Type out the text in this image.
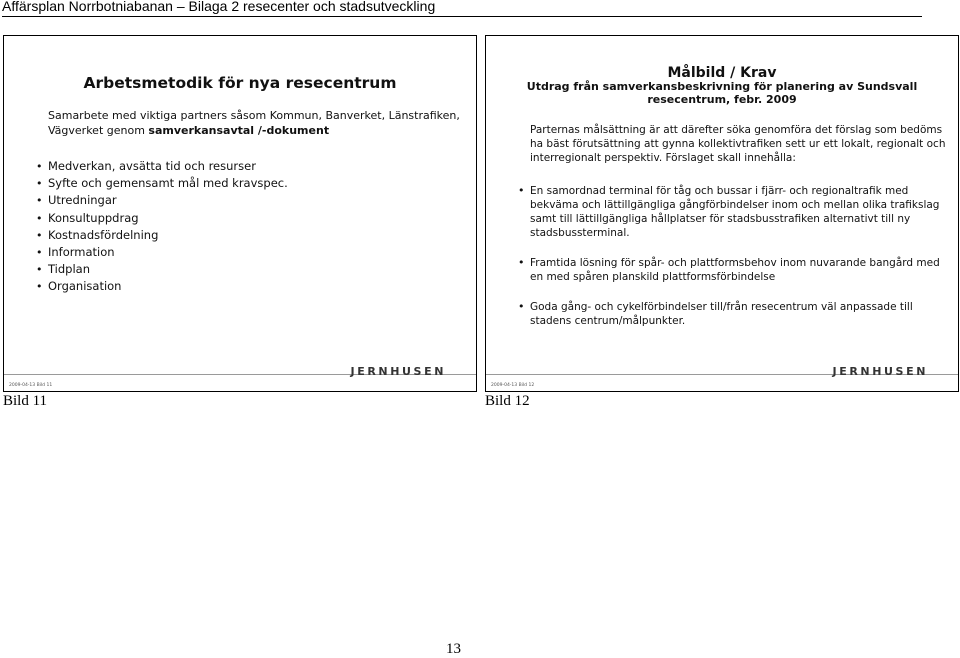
Affärsplan Norrbotniabanan – Bilaga 2 resecenter och stadsutveckling
Arbetsmetodik för nya resecentrum
Samarbete med viktiga partners såsom Kommun, Banverket, Länstrafiken, Vägverket genom samverkansavtal /-dokument
• Medverkan, avsätta tid och resurser
• Syfte och gemensamt mål med kravspec.
• Utredningar
• Konsultuppdrag
• Kostnadsfördelning
• Information
• Tidplan
• Organisation
JERNHUSEN
2009-04-13 Bild 11
Målbild / Krav
Utdrag från samverkansbeskrivning för planering av Sundsvall resecentrum, febr. 2009
Parternas målsättning är att därefter söka genomföra det förslag som bedöms ha bäst förutsättning att gynna kollektivtrafiken sett ur ett lokalt, regionalt och interregionalt perspektiv. Förslaget skall innehålla:
• En samordnad terminal för tåg och bussar i fjärr- och regionaltrafik med bekväma och lättillgängliga gångförbindelser inom och mellan olika trafikslag samt till lättillgängliga hållplatser för stadsbusstrafiken alternativt till ny stadsbussterminal.
• Framtida lösning för spår- och plattformsbehov inom nuvarande bangård med en med spåren planskild plattformsförbindelse
• Goda gång- och cykelförbindelser till/från resecentrum väl anpassade till stadens centrum/målpunkter.
JERNHUSEN
2009-04-13 Bild 12
Bild 11	Bild 12
13
